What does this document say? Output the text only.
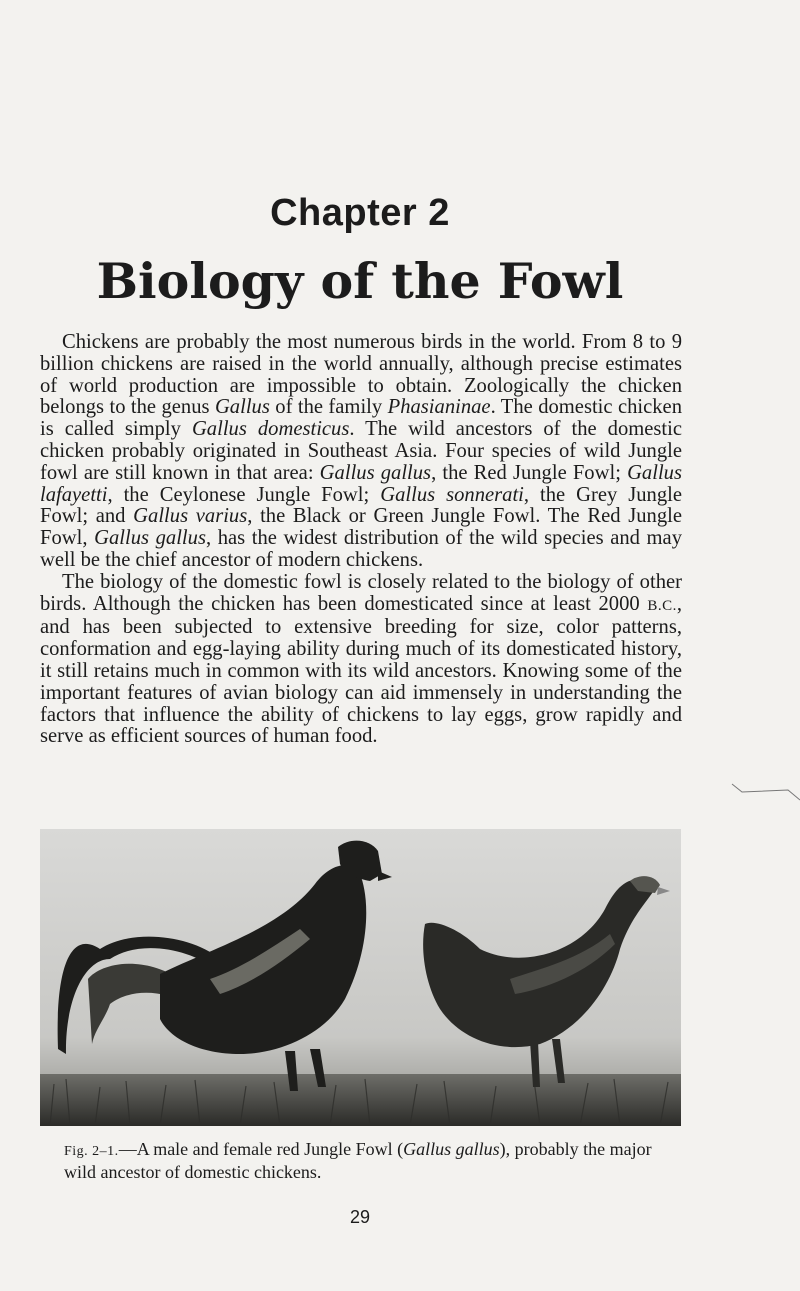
Chapter 2
Biology of the Fowl

Chickens are probably the most numerous birds in the world. From 8 to 9 billion chickens are raised in the world annually, although precise estimates of world production are impossible to obtain. Zoologically the chicken belongs to the genus Gallus of the family Phasianinae. The domestic chicken is called simply Gallus domesticus. The wild ancestors of the domestic chicken probably originated in Southeast Asia. Four species of wild Jungle fowl are still known in that area: Gallus gallus, the Red Jungle Fowl; Gallus lafayetti, the Ceylonese Jungle Fowl; Gallus sonnerati, the Grey Jungle Fowl; and Gallus varius, the Black or Green Jungle Fowl. The Red Jungle Fowl, Gallus gallus, has the widest distribution of the wild species and may well be the chief ancestor of modern chickens.

The biology of the domestic fowl is closely related to the biology of other birds. Although the chicken has been domesticated since at least 2000 B.C., and has been subjected to extensive breeding for size, color patterns, conformation and egg-laying ability during much of its domesticated history, it still retains much in common with its wild ancestors. Knowing some of the important features of avian biology can aid immensely in understanding the factors that influence the ability of chickens to lay eggs, grow rapidly and serve as efficient sources of human food.

Fig. 2–1.—A male and female red Jungle Fowl (Gallus gallus), probably the major wild ancestor of domestic chickens.
29
